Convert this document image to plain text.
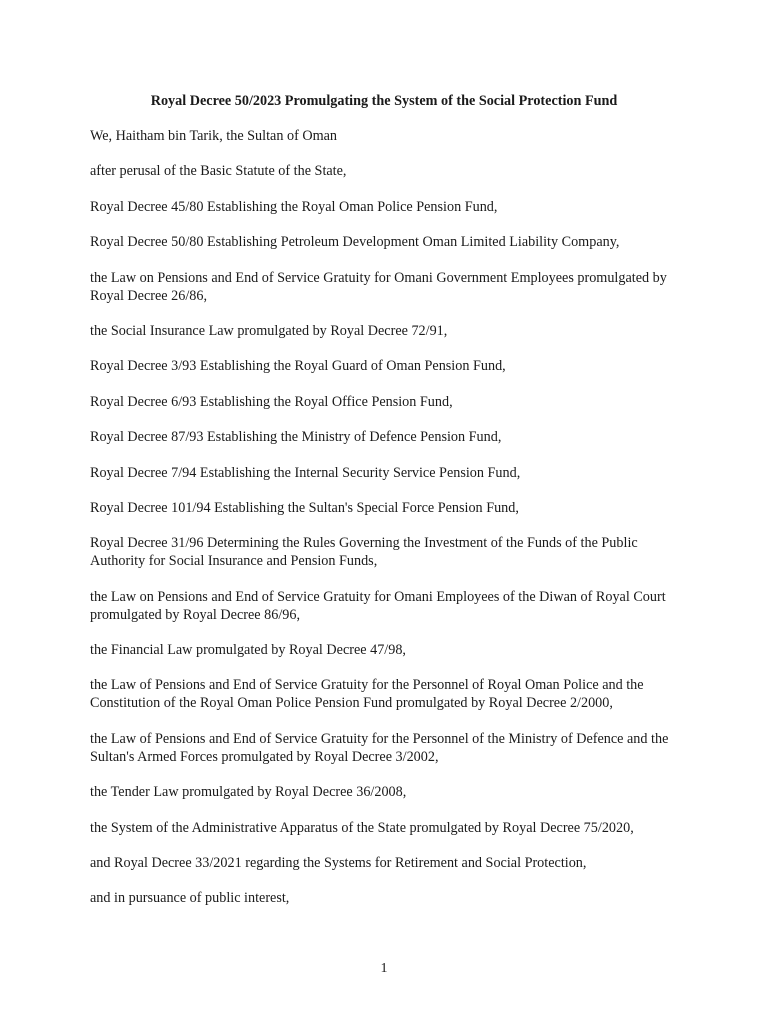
Royal Decree 50/2023 Promulgating the System of the Social Protection Fund

We, Haitham bin Tarik, the Sultan of Oman

after perusal of the Basic Statute of the State,

Royal Decree 45/80 Establishing the Royal Oman Police Pension Fund,

Royal Decree 50/80 Establishing Petroleum Development Oman Limited Liability Company,

the Law on Pensions and End of Service Gratuity for Omani Government Employees promulgated by Royal Decree 26/86,

the Social Insurance Law promulgated by Royal Decree 72/91,

Royal Decree 3/93 Establishing the Royal Guard of Oman Pension Fund,

Royal Decree 6/93 Establishing the Royal Office Pension Fund,

Royal Decree 87/93 Establishing the Ministry of Defence Pension Fund,

Royal Decree 7/94 Establishing the Internal Security Service Pension Fund,

Royal Decree 101/94 Establishing the Sultan's Special Force Pension Fund,

Royal Decree 31/96 Determining the Rules Governing the Investment of the Funds of the Public Authority for Social Insurance and Pension Funds,

the Law on Pensions and End of Service Gratuity for Omani Employees of the Diwan of Royal Court promulgated by Royal Decree 86/96,

the Financial Law promulgated by Royal Decree 47/98,

the Law of Pensions and End of Service Gratuity for the Personnel of Royal Oman Police and the Constitution of the Royal Oman Police Pension Fund promulgated by Royal Decree 2/2000,

the Law of Pensions and End of Service Gratuity for the Personnel of the Ministry of Defence and the Sultan's Armed Forces promulgated by Royal Decree 3/2002,

the Tender Law promulgated by Royal Decree 36/2008,

the System of the Administrative Apparatus of the State promulgated by Royal Decree 75/2020,

and Royal Decree 33/2021 regarding the Systems for Retirement and Social Protection,

and in pursuance of public interest,

1
